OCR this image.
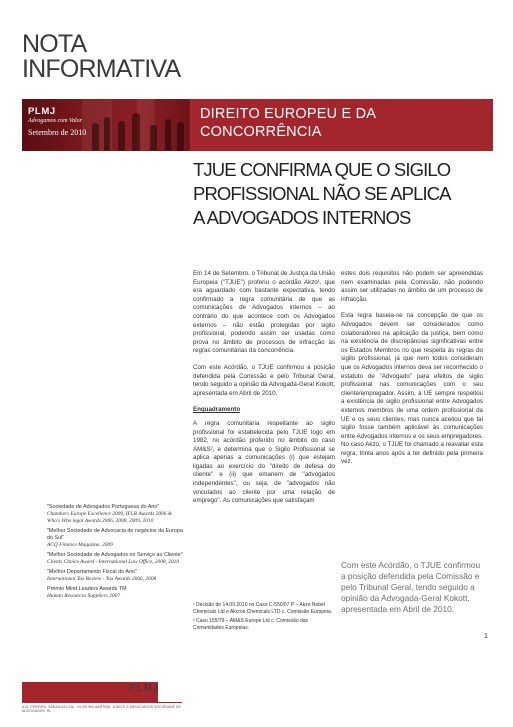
NOTA
INFORMATIVA
PLMJ
Advogamos com Valor
Setembro de 2010
DIREITO EUROPEU E DA
CONCORRÊNCIA
TJUE CONFIRMA QUE O SIGILO
PROFISSIONAL NÃO SE APLICA
A ADVOGADOS INTERNOS

Em 14 de Setembro, o Tribunal de Justiça da União Europeia ("TJUE") proferiu o acórdão Akzo¹, que era aguardado com bastante expectativa, tendo confirmado a regra comunitária de que as comunicações de Advogados internos – ao contrário do que acontece com os Advogados externos – não estão protegidas por sigilo profissional, podendo assim ser usadas como prova no âmbito de processos de infracção às regras comunitárias da concorrência.

Com este Acórdão, o TJUE confirmou a posição defendida pela Comissão e pelo Tribunal Geral, tendo seguido a opinião da Advogada-Geral Kokott, apresentada em Abril de 2010.

Enquadramento

A regra comunitária respeitante ao sigilo profissional foi estabelecida pelo TJUE logo em 1982, no acórdão proferido no âmbito do caso AM&S², e determina que o Sigilo Profissional se aplica apenas a comunicações (i) que estejam ligadas ao exercício do "direito de defesa do cliente" e (ii) que emanem de "advogados independentes", ou seja, de "advogados não vinculados ao cliente por uma relação de emprego". As comunicações que satisfaçam

estes dois requisitos não podem ser apreendidas nem examinadas pela Comissão, não podendo assim ser utilizadas no âmbito de um processo de infracção.

Esta regra baseia-se na concepção de que os Advogados devem ser considerados como colaboradores na aplicação da justiça, bem como na existência de discrepâncias significativas entre os Estados Membros no que respeita às regras do sigilo profissional, já que nem todos consideram que os Advogados internos deva ser reconhecido o estatuto de "Advogado" para efeitos de sigilo profissional nas comunicações com o seu cliente/empregador. Assim, a UE sempre respeitou a existência de sigilo profissional entre Advogados externos membros de uma ordem profissional da UE e os seus clientes, mas nunca aceitou que tal sigilo fosse também aplicável às comunicações entre Advogados internos e os seus empregadores. No caso Akzo, o TJUE foi chamado a reavaliar esta regra, trinta anos após a ter definido pela primeira vez.

¹ Decisão de 14.09.2010 no Caso C-550/07 P – Akzo Nobel Chemicals Ltd e Akcros Chemicals LTD c. Comissão Europeia.
² Caso 155/79 – AM&S Europe Ltd c. Comissão das Comunidades Europeias.
Com este Acórdão, o TJUE confirmou a posição defendida pela Comissão e pelo Tribunal Geral, tendo seguido a opinião da Advogada-Geral Kokott, apresentada em Abril de 2010.
1
"Sociedade de Advogados Portuguesa do Ano"
Chambers Europe Excellence 2009, IFLR Awards 2006 & Who's Who legal Awards 2006, 2008, 2009, 2010
"Melhor Sociedade de Advocacia de negócios da Europa do Sul"
ACQ Finance Magazine, 2009
"Melhor Sociedade de Advogados no Serviço ao Cliente"
Clients Choice Award - International Law Office, 2008, 2010
"Melhor Departamento Fiscal do Ano"
International Tax Review - Tax Awards 2006, 2008
Prémio Mind Leaders Awards TM
Human Resources Suppliers 2007
PLMJ
A.M. PEREIRA, SÁRAGGA LEAL, OLIVEIRA MARTINS, JÚDICE E ASSOCIADOS SOCIEDADE DE ADVOGADOS, RL
